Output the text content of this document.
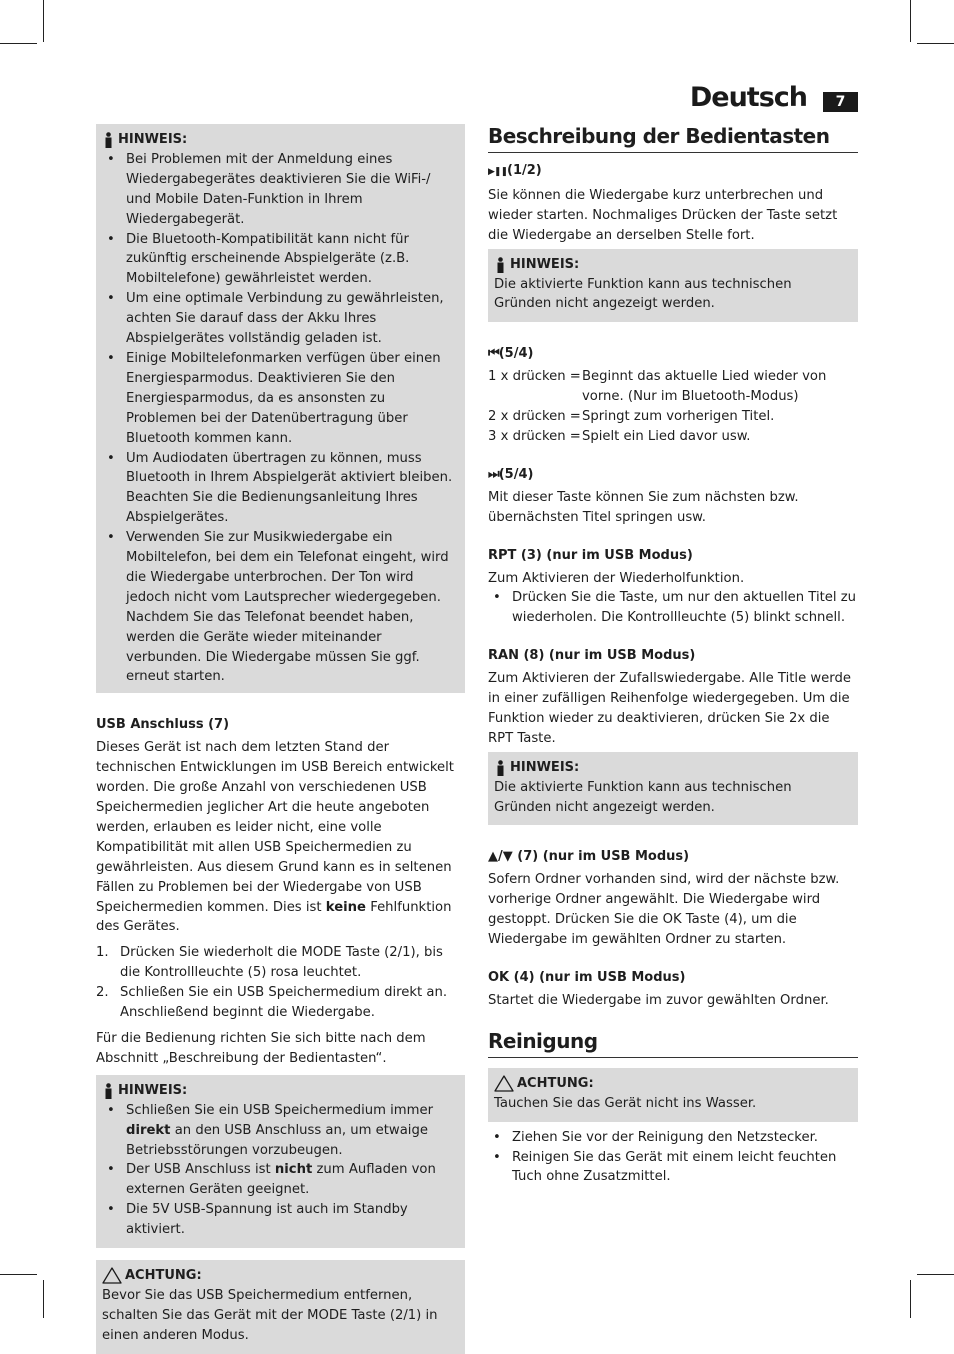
Deutsch	7
HINWEIS:
• Bei Problemen mit der Anmeldung eines Wiedergabegerätes deaktivieren Sie die WiFi-/ und Mobile Daten-Funktion in Ihrem Wiedergabegerät.
• Die Bluetooth-Kompatibilität kann nicht für zukünftig erscheinende Abspielgeräte (z.B. Mobiltelefone) gewährleistet werden.
• Um eine optimale Verbindung zu gewährleisten, achten Sie darauf dass der Akku Ihres Abspielgerätes vollständig geladen ist.
• Einige Mobiltelefonmarken verfügen über einen Energiesparmodus. Deaktivieren Sie den Energiesparmodus, da es ansonsten zu Problemen bei der Datenübertragung über Bluetooth kommen kann.
• Um Audiodaten übertragen zu können, muss Bluetooth in Ihrem Abspielgerät aktiviert bleiben. Beachten Sie die Bedienungsanleitung Ihres Abspielgerätes.
• Verwenden Sie zur Musikwiedergabe ein Mobiltelefon, bei dem ein Telefonat eingeht, wird die Wiedergabe unterbrochen. Der Ton wird jedoch nicht vom Lautsprecher wiedergegeben. Nachdem Sie das Telefonat beendet haben, werden die Geräte wieder miteinander verbunden. Die Wiedergabe müssen Sie ggf. erneut starten.
USB Anschluss (7)

Dieses Gerät ist nach dem letzten Stand der technischen Entwicklungen im USB Bereich entwickelt worden. Die große Anzahl von verschiedenen USB Speichermedien jeglicher Art die heute angeboten werden, erlauben es leider nicht, eine volle Kompatibilität mit allen USB Speichermedien zu gewährleisten. Aus diesem Grund kann es in seltenen Fällen zu Problemen bei der Wiedergabe von USB Speichermedien kommen. Dies ist keine Fehlfunktion des Gerätes.

1. Drücken Sie wiederholt die MODE Taste (2/1), bis die Kontrollleuchte (5) rosa leuchtet.
2. Schließen Sie ein USB Speichermedium direkt an. Anschließend beginnt die Wiedergabe.

Für die Bedienung richten Sie sich bitte nach dem Abschnitt „Beschreibung der Bedientasten“.

HINWEIS:
• Schließen Sie ein USB Speichermedium immer direkt an den USB Anschluss an, um etwaige Betriebsstörungen vorzubeugen.
• Der USB Anschluss ist nicht zum Aufladen von externen Geräten geeignet.
• Die 5V USB-Spannung ist auch im Standby aktiviert.
ACHTUNG:

Bevor Sie das USB Speichermedium entfernen, schalten Sie das Gerät mit der MODE Taste (2/1) in einen anderen Modus.

Beschreibung der Bedientasten
▶❚❚(1/2)

Sie können die Wiedergabe kurz unterbrechen und wieder starten. Nochmaliges Drücken der Taste setzt die Wiedergabe an derselben Stelle fort.

HINWEIS:

Die aktivierte Funktion kann aus technischen Gründen nicht angezeigt werden.

⏮(5/4)
1 x drücken =	Beginnt das aktuelle Lied wieder von vorne. (Nur im Bluetooth-Modus)
2 x drücken =	Springt zum vorherigen Titel.
3 x drücken =	Spielt ein Lied davor usw.
⏭(5/4)

Mit dieser Taste können Sie zum nächsten bzw. übernächsten Titel springen usw.

RPT (3) (nur im USB Modus)

Zum Aktivieren der Wiederholfunktion.

• Drücken Sie die Taste, um nur den aktuellen Titel zu wiederholen. Die Kontrollleuchte (5) blinkt schnell.
RAN (8) (nur im USB Modus)

Zum Aktivieren der Zufallswiedergabe. Alle Title werde in einer zufälligen Reihenfolge wiedergegeben. Um die Funktion wieder zu deaktivieren, drücken Sie 2x die RPT Taste.

HINWEIS:

Die aktivierte Funktion kann aus technischen Gründen nicht angezeigt werden.

▲/▼ (7) (nur im USB Modus)

Sofern Ordner vorhanden sind, wird der nächste bzw. vorherige Ordner angewählt. Die Wiedergabe wird gestoppt. Drücken Sie die OK Taste (4), um die Wiedergabe im gewählten Ordner zu starten.

OK (4) (nur im USB Modus)

Startet die Wiedergabe im zuvor gewählten Ordner.

Reinigung
ACHTUNG:

Tauchen Sie das Gerät nicht ins Wasser.

• Ziehen Sie vor der Reinigung den Netzstecker.
• Reinigen Sie das Gerät mit einem leicht feuchten Tuch ohne Zusatzmittel.
